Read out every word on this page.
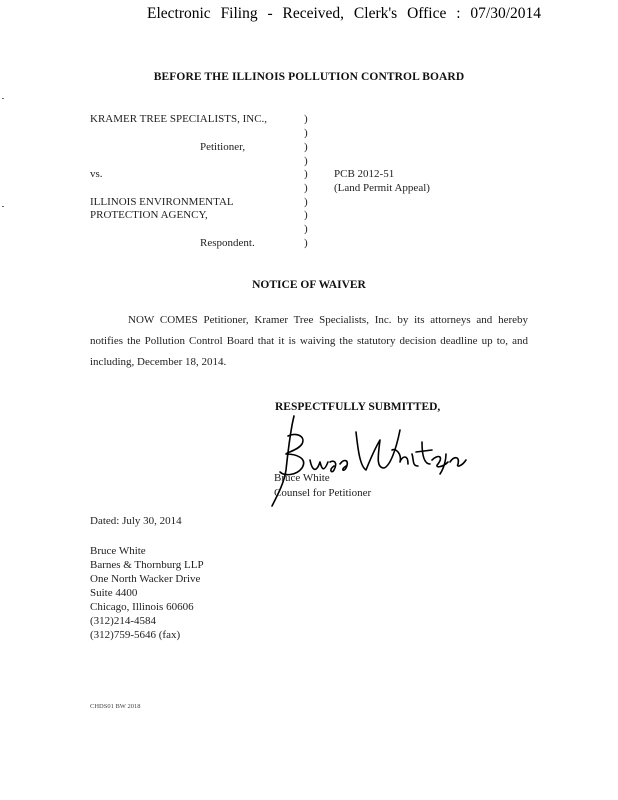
Electronic Filing - Received, Clerk's Office : 07/30/2014
BEFORE THE ILLINOIS POLLUTION CONTROL BOARD
KRAMER TREE SPECIALISTS, INC.,
Petitioner,
vs.
ILLINOIS ENVIRONMENTAL
PROTECTION AGENCY,
Respondent.
PCB 2012-51
(Land Permit Appeal)
)
)
)
)
)
)
)
)
)
)
NOTICE OF WAIVER

NOW COMES Petitioner, Kramer Tree Specialists, Inc. by its attorneys and hereby notifies the Pollution Control Board that it is waiving the statutory decision deadline up to, and including, December 18, 2014.

RESPECTFULLY SUBMITTED,
Bruce White
Counsel for Petitioner
Dated: July 30, 2014
Bruce White
Barnes & Thornburg LLP
One North Wacker Drive
Suite 4400
Chicago, Illinois 60606
(312)214-4584
(312)759-5646 (fax)
CHDS01 BW 2018
